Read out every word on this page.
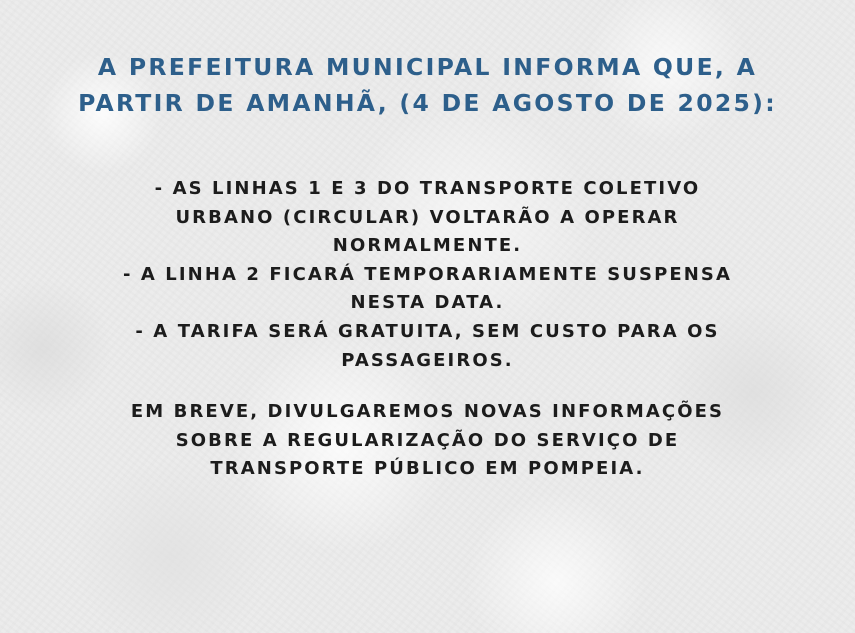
A PREFEITURA MUNICIPAL INFORMA QUE, A
PARTIR DE AMANHÃ, (4 DE AGOSTO DE 2025):
- AS LINHAS 1 E 3 DO TRANSPORTE COLETIVO
URBANO (CIRCULAR) VOLTARÃO A OPERAR
NORMALMENTE.
- A LINHA 2 FICARÁ TEMPORARIAMENTE SUSPENSA
NESTA DATA.
- A TARIFA SERÁ GRATUITA, SEM CUSTO PARA OS
PASSAGEIROS.
EM BREVE, DIVULGAREMOS NOVAS INFORMAÇÕES
SOBRE A REGULARIZAÇÃO DO SERVIÇO DE
TRANSPORTE PÚBLICO EM POMPEIA.
